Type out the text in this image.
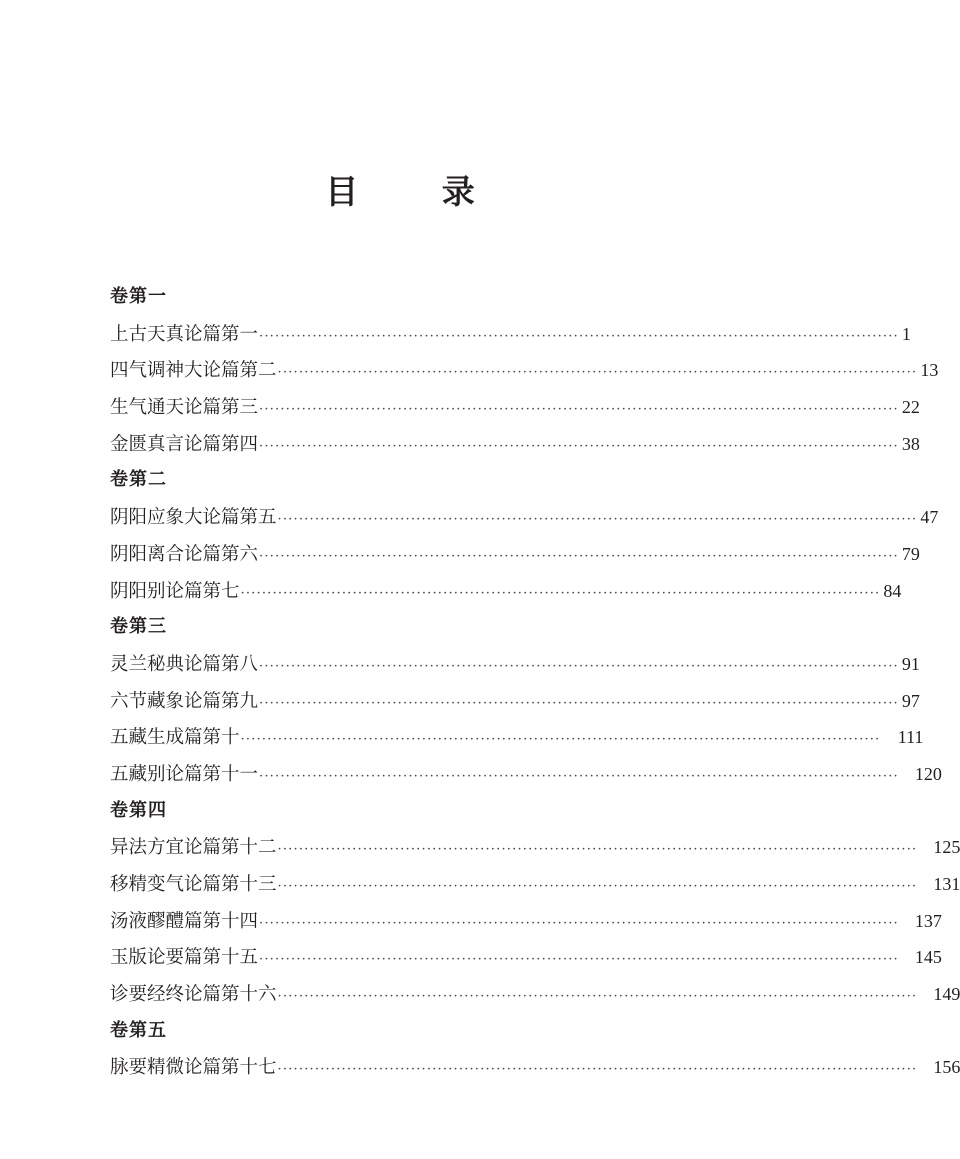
目 录
卷第一
上古天真论篇第一 ························································································································ 1
四气调神大论篇第二 ························································································································ 13
生气通天论篇第三 ························································································································ 22
金匮真言论篇第四 ························································································································ 38
卷第二
阴阳应象大论篇第五 ························································································································ 47
阴阳离合论篇第六 ························································································································ 79
阴阳别论篇第七 ························································································································ 84
卷第三
灵兰秘典论篇第八 ························································································································ 91
六节藏象论篇第九 ························································································································ 97
五藏生成篇第十 ························································································································ 111
五藏别论篇第十一 ························································································································ 120
卷第四
异法方宜论篇第十二 ························································································································ 125
移精变气论篇第十三 ························································································································ 131
汤液醪醴篇第十四 ························································································································ 137
玉版论要篇第十五 ························································································································ 145
诊要经终论篇第十六 ························································································································ 149
卷第五
脉要精微论篇第十七 ························································································································ 156
